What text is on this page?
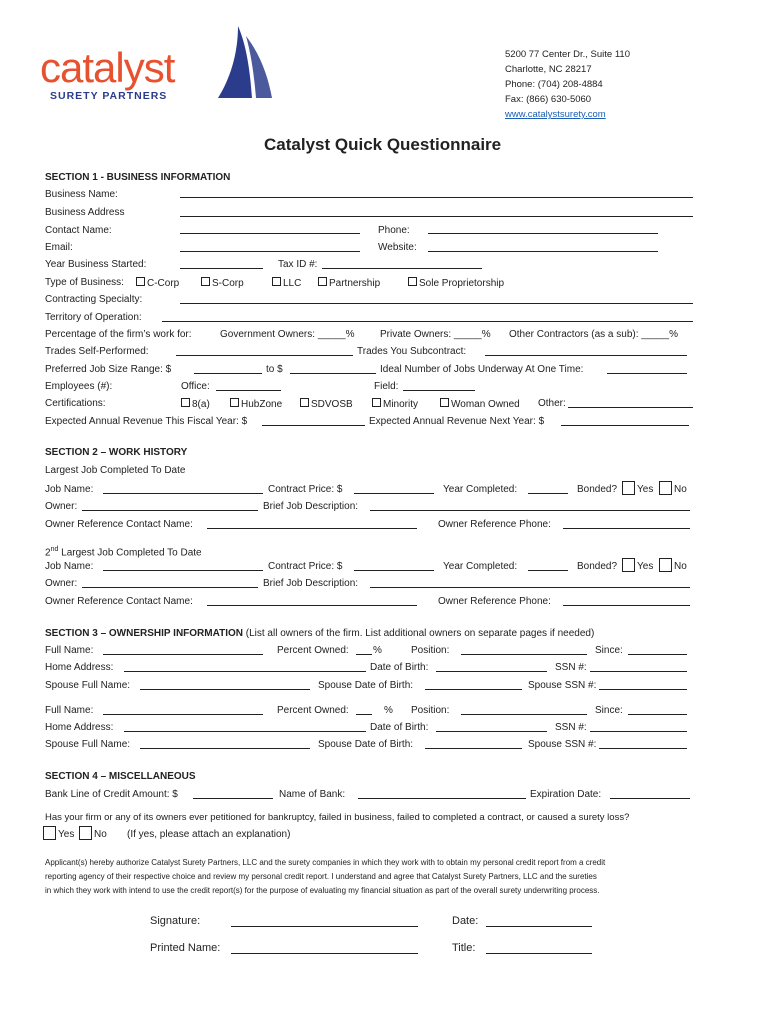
catalyst
SURETY PARTNERS
5200 77 Center Dr., Suite 110
Charlotte, NC 28217
Phone: (704) 208-4884
Fax: (866) 630-5060
www.catalystsurety.com
Catalyst Quick Questionnaire
SECTION 1 - BUSINESS INFORMATION
Business Name:
Business Address
Contact Name:	Phone:
Email:	Website:
Year Business Started:	Tax ID #:
Type of Business:	C-Corp	S-Corp	LLC	Partnership	Sole Proprietorship
Contracting Specialty:
Territory of Operation:
Percentage of the firm’s work for:	Government Owners: _____%	Private Owners: _____% Other Contractors (as a sub): _____%
Trades Self-Performed:	Trades You Subcontract:
Preferred Job Size Range: $	to $	Ideal Number of Jobs Underway At One Time:
Employees (#):	Office:	Field:
Certifications:	8(a)	HubZone	SDVOSB	Minority	Woman Owned Other:
Expected Annual Revenue This Fiscal Year: $	Expected Annual Revenue Next Year: $
SECTION 2 – WORK HISTORY
Largest Job Completed To Date
Job Name:	Contract Price: $	Year Completed:	Bonded? Yes No
Owner:	Brief Job Description:
Owner Reference Contact Name:	Owner Reference Phone:
2nd Largest Job Completed To Date
Job Name:	Contract Price: $	Year Completed:	Bonded? Yes No
Owner:	Brief Job Description:
Owner Reference Contact Name:	Owner Reference Phone:
SECTION 3 – OWNERSHIP INFORMATION (List all owners of the firm. List additional owners on separate pages if needed)
Full Name:	Percent Owned: %	Position:	Since:
Home Address:	Date of Birth:	SSN #:
Spouse Full Name:	Spouse Date of Birth:	Spouse SSN #:
Full Name:	Percent Owned:	% Position:	Since:
Home Address:	Date of Birth:	SSN #:
Spouse Full Name:	Spouse Date of Birth:	Spouse SSN #:
SECTION 4 – MISCELLANEOUS
Bank Line of Credit Amount: $	Name of Bank:	Expiration Date:
Has your firm or any of its owners ever petitioned for bankruptcy, failed in business, failed to completed a contract, or caused a surety loss?
Yes No (If yes, please attach an explanation)
Applicant(s) hereby authorize Catalyst Surety Partners, LLC and the surety companies in which they work with to obtain my personal credit report from a credit
reporting agency of their respective choice and review my personal credit report. I understand and agree that Catalyst Surety Partners, LLC and the sureties
in which they work with intend to use the credit report(s) for the purpose of evaluating my financial situation as part of the overall surety underwriting process.
Signature:	Date:
Printed Name:	Title:
